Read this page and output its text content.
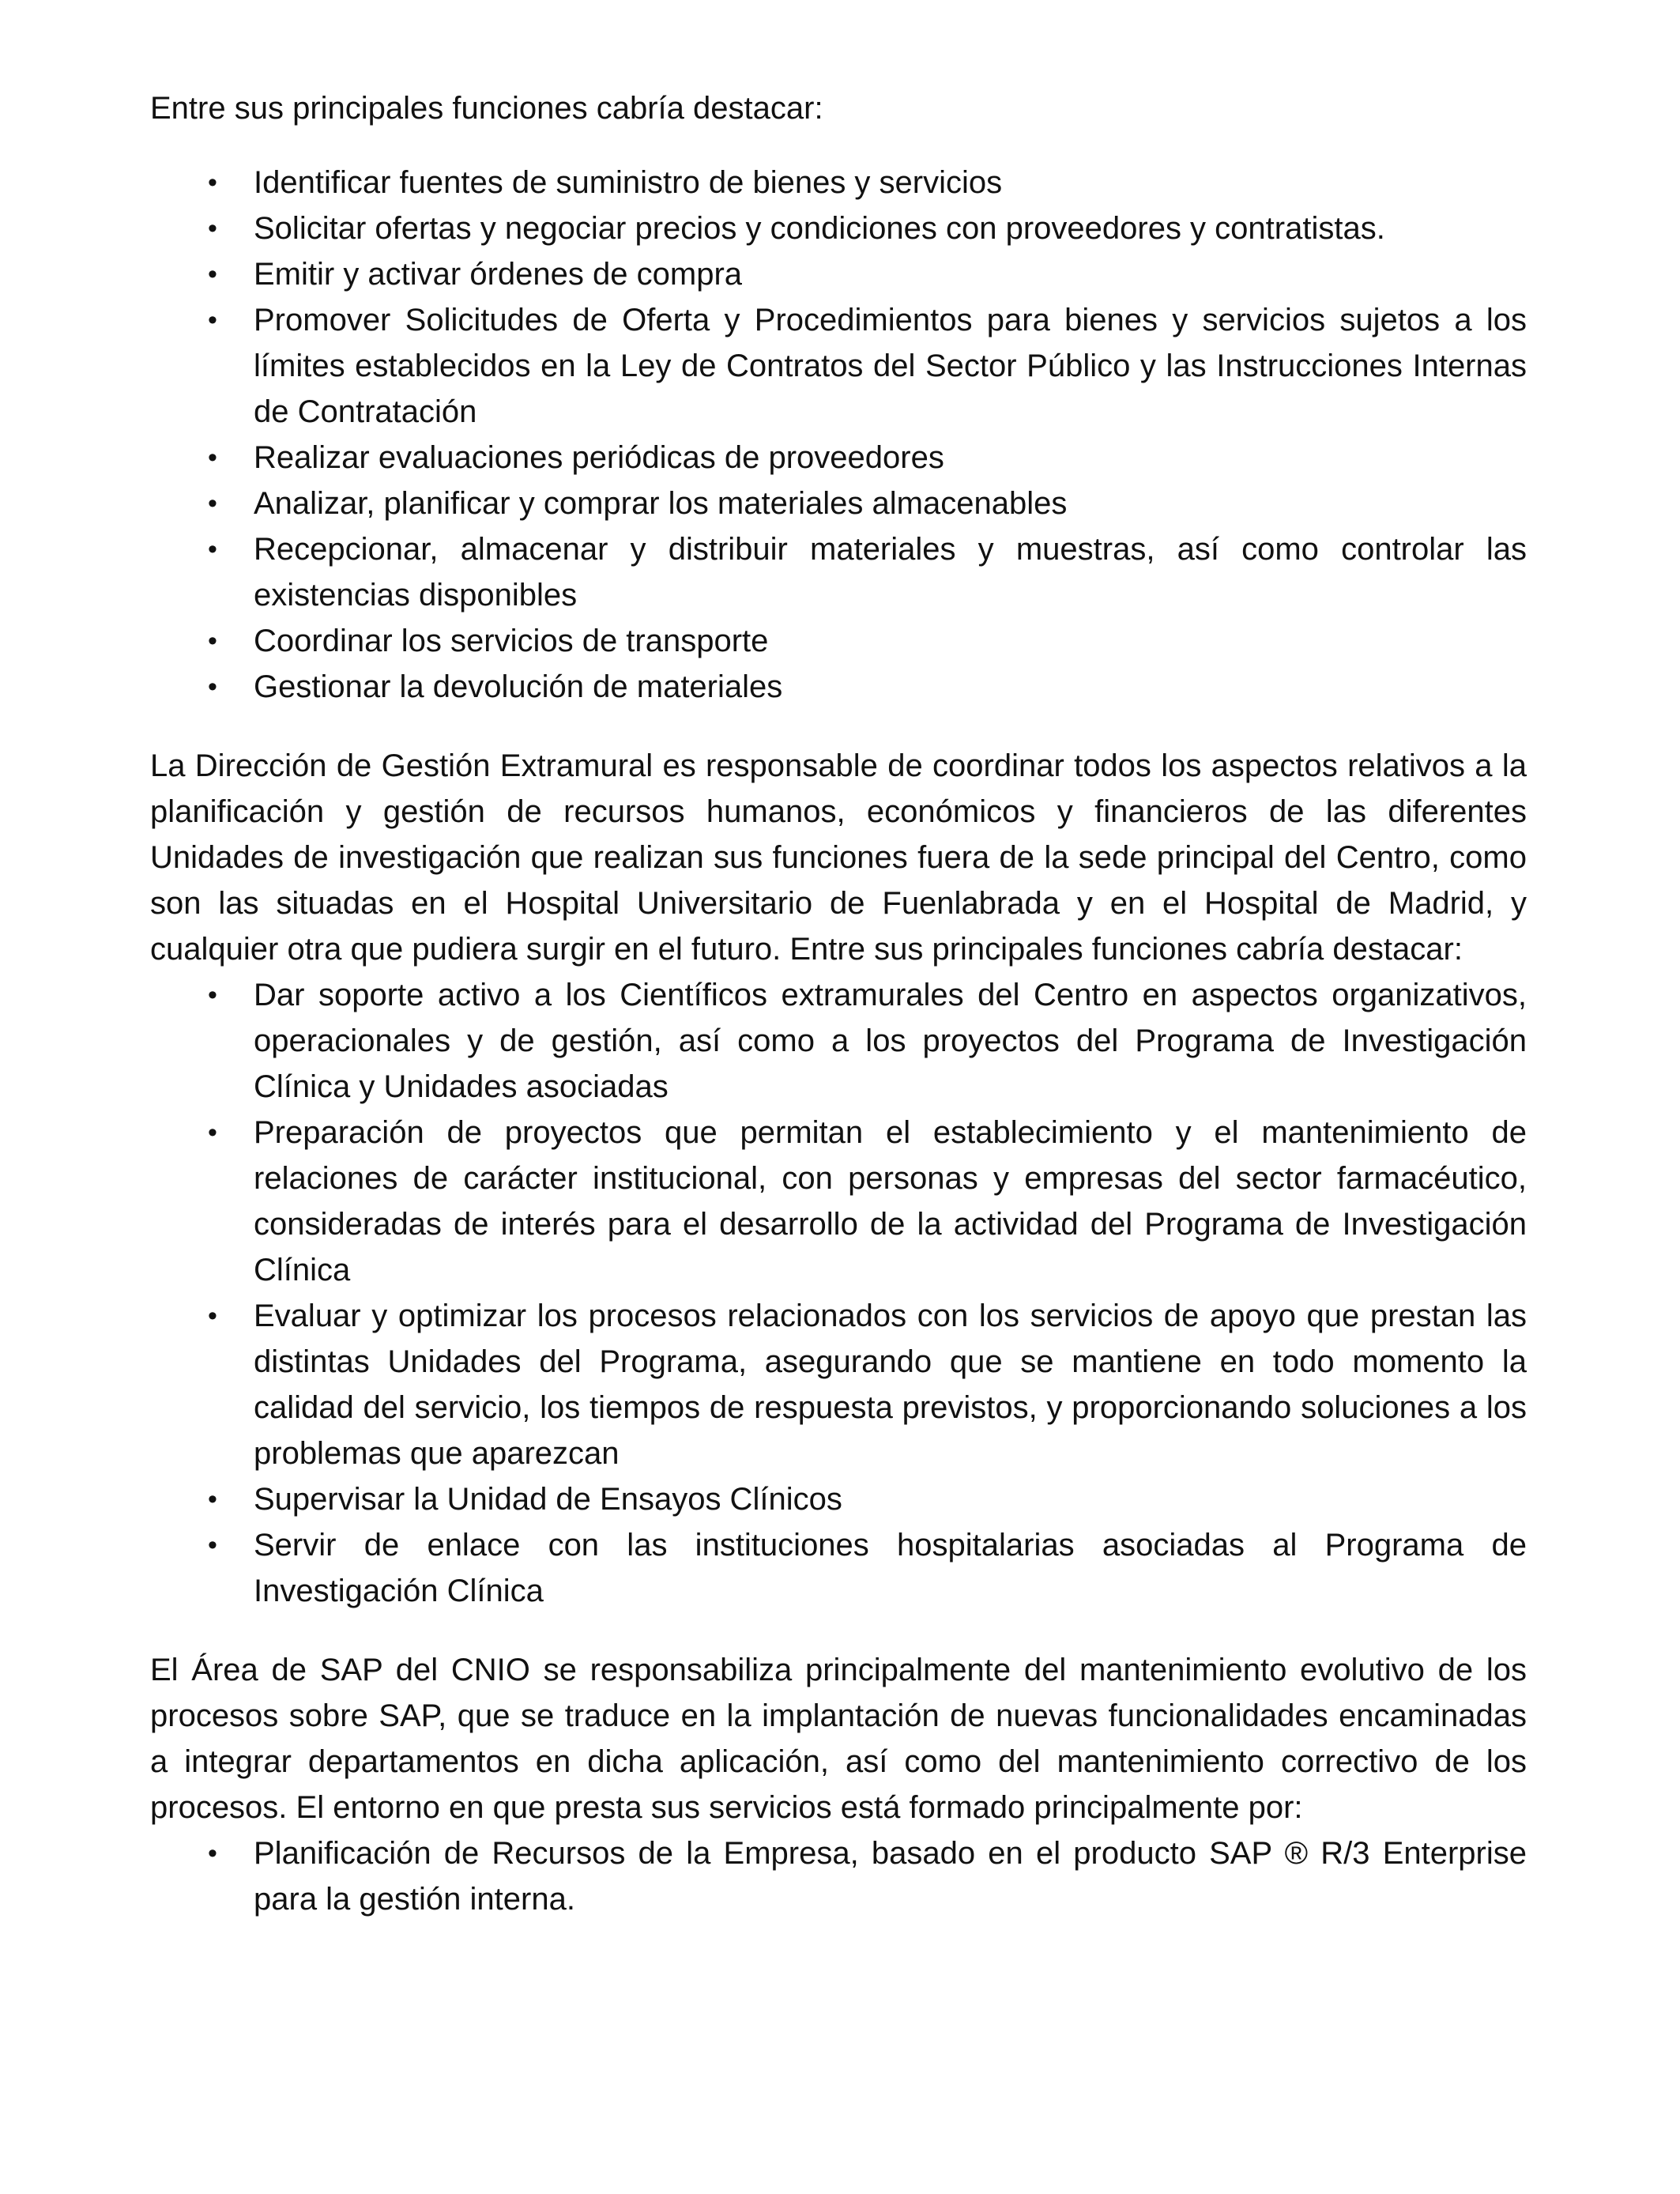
Entre sus principales funciones cabría destacar:

• Identificar fuentes de suministro de bienes y servicios
• Solicitar ofertas y negociar precios y condiciones con proveedores y contratistas.
• Emitir y activar órdenes de compra
• Promover Solicitudes de Oferta y Procedimientos para bienes y servicios sujetos a los límites establecidos en la Ley de Contratos del Sector Público y las Instrucciones Internas de Contratación
• Realizar evaluaciones periódicas de proveedores
• Analizar, planificar y comprar los materiales almacenables
• Recepcionar, almacenar y distribuir materiales y muestras, así como controlar las existencias disponibles
• Coordinar los servicios de transporte
• Gestionar la devolución de materiales

La Dirección de Gestión Extramural es responsable de coordinar todos los aspectos relativos a la planificación y gestión de recursos humanos, económicos y financieros de las diferentes Unidades de investigación que realizan sus funciones fuera de la sede principal del Centro, como son las situadas en el Hospital Universitario de Fuenlabrada y en el Hospital de Madrid, y cualquier otra que pudiera surgir en el futuro. Entre sus principales funciones cabría destacar:

• Dar soporte activo a los Científicos extramurales del Centro en aspectos organizativos, operacionales y de gestión, así como a los proyectos del Programa de Investigación Clínica y Unidades asociadas
• Preparación de proyectos que permitan el establecimiento y el mantenimiento de relaciones de carácter institucional, con personas y empresas del sector farmacéutico, consideradas de interés para el desarrollo de la actividad del Programa de Investigación Clínica
• Evaluar y optimizar los procesos relacionados con los servicios de apoyo que prestan las distintas Unidades del Programa, asegurando que se mantiene en todo momento la calidad del servicio, los tiempos de respuesta previstos, y proporcionando soluciones a los problemas que aparezcan
• Supervisar la Unidad de Ensayos Clínicos
• Servir de enlace con las instituciones hospitalarias asociadas al Programa de Investigación Clínica

El Área de SAP del CNIO se responsabiliza principalmente del mantenimiento evolutivo de los procesos sobre SAP, que se traduce en la implantación de nuevas funcionalidades encaminadas a integrar departamentos en dicha aplicación, así como del mantenimiento correctivo de los procesos. El entorno en que presta sus servicios está formado principalmente por:

• Planificación de Recursos de la Empresa, basado en el producto SAP ® R/3 Enterprise para la gestión interna.
